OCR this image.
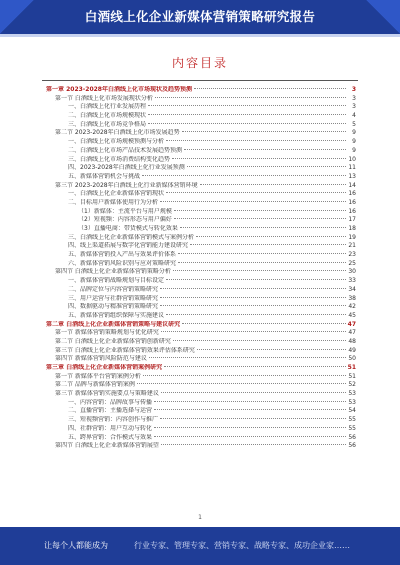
白酒线上化企业新媒体营销策略研究报告
内容目录
第一章 2023-2028年白酒线上化市场现状及趋势预测	3
第一节 白酒线上化市场发展现状分析	3
一、白酒线上化行业发展历程	3
二、白酒线上化市场规模现状	4
三、白酒线上化市场竞争格局	5
第二节 2023-2028年白酒线上化市场发展趋势	9
一、白酒线上化市场规模预测与分析	9
二、白酒线上化市场产品技术发展趋势预测	9
三、白酒线上化市场消费结构变化趋势	10
四、2023-2028年白酒线上化行业发展预测	11
五、新媒体营销机会与挑战	13
第三节 2023-2028年白酒线上化行业新媒体营销环境	14
一、白酒线上化企业新媒体营销现状	16
二、目标用户新媒体使用行为分析	16
（1）新媒体：主流平台与用户规模	16
（2）短视频：内容形态与用户偏好	17
（3）直播电商：带货模式与转化效果	18
三、白酒线上化企业新媒体营销模式与案例分析	19
四、线上渠道拓展与数字化营销能力建设研究	21
五、新媒体营销投入产出与效果评价体系	23
六、新媒体营销风险识别与应对策略研究	25
第四节 白酒线上化企业新媒体营销策略分析	30
一、新媒体营销战略规划与目标设定	33
二、品牌定位与内容营销策略研究	34
三、用户运营与社群营销策略研究	38
四、数据驱动与精准营销策略研究	42
五、新媒体营销组织保障与实施建议	45
第二章 白酒线上化企业新媒体营销策略与建议研究	47
第一节 新媒体营销策略规划与优化研究	47
第二节 白酒线上化企业新媒体营销创新研究	48
第三节 白酒线上化企业新媒体营销效果评估体系研究	49
第四节 新媒体营销风险防范与建议	50
第三章 白酒线上化企业新媒体营销案例研究	51
第一节 新媒体平台营销案例分析	51
第二节 品牌与新媒体营销案例	52
第三节 新媒体营销实施要点与策略建议	53
一、内容营销：品牌故事与传播	53
二、直播营销：主播选择与运营	54
三、短视频营销：内容创作与推广	55
四、社群营销：用户互动与转化	55
五、跨界营销：合作模式与效果	56
第四节 白酒线上化企业新媒体营销展望	56
1
让每个人都能成为	行业专家、管理专家、营销专家、战略专家、成功企业家……
